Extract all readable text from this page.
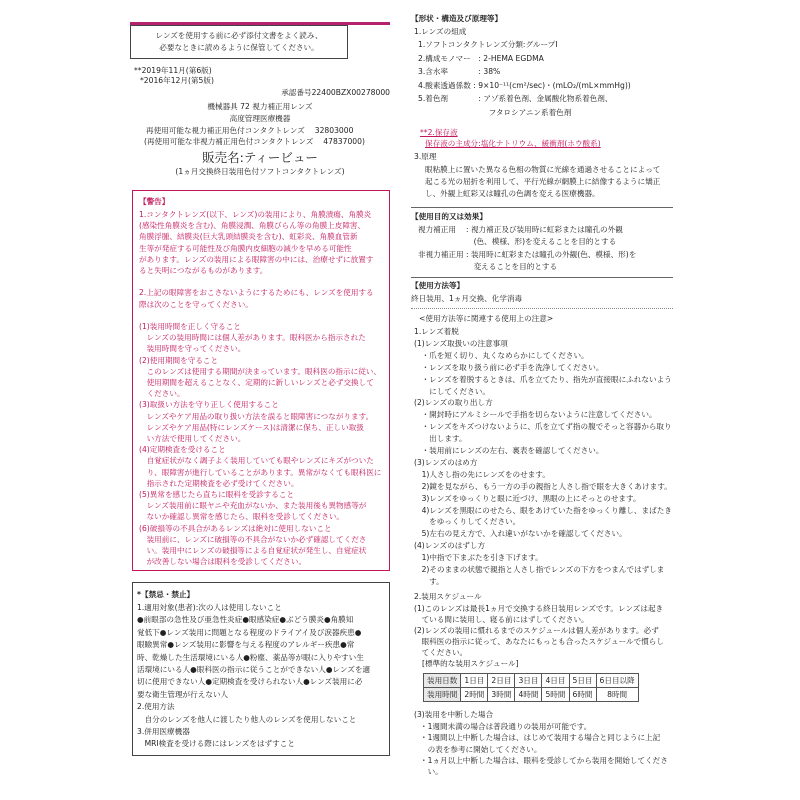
レンズを使用する前に必ず添付文書をよく読み、
必要なときに読めるように保管してください。
**2019年11月(第6版)
*2016年12月(第5版)
承認番号22400BZX00278000
機械器具 72 視力補正用レンズ
高度管理医療機器
再使用可能な視力補正用色付コンタクトレンズ　 32803000
(再使用可能な非視力補正用色付コンタクトレンズ　 47837000)
販売名:ティービュー
(1ヵ月交換終日装用色付ソフトコンタクトレンズ)
【警告】
1.コンタクトレンズ(以下、レンズ)の装用により、角膜潰瘍、角膜炎
(感染性角膜炎を含む)、角膜浸潤、角膜びらん等の角膜上皮障害、
角膜浮腫、結膜炎(巨大乳頭結膜炎を含む)、虹彩炎、角膜血管新
生等が発症する可能性及び角膜内皮細胞の減少を早める可能性
があります。レンズの装用による眼障害の中には、治療せずに放置す
ると失明につながるものがあります。
2.上記の眼障害をおこさないようにするためにも、レンズを使用する
際は次のことを守ってください。
(1)装用時間を正しく守ること
　レンズの装用時間には個人差があります。眼科医から指示された
　装用時間を守ってください。
(2)使用期間を守ること
　このレンズは使用する期間が決まっています。眼科医の指示に従い、
　使用期間を超えることなく、定期的に新しいレンズと必ず交換して
　ください。
(3)取扱い方法を守り正しく使用すること
　レンズやケア用品の取り扱い方法を誤ると眼障害につながります。
　レンズやケア用品(特にレンズケース)は清潔に保ち、正しい取扱
　い方法で使用してください。
(4)定期検査を受けること
　自覚症状がなく調子よく装用していても眼やレンズにキズがついた
　り、眼障害が進行していることがあります。異常がなくても眼科医に
　指示された定期検査を必ず受けてください。
(5)異常を感じたら直ちに眼科を受診すること
　レンズ装用前に眼ヤニや充血がないか、また装用後も異物感等が
　ないか確認し異常を感じたら、眼科を受診してください。
(6)破損等の不具合があるレンズは絶対に使用しないこと
　装用前に、レンズに破損等の不具合がないか必ず確認してくださ
　い。装用中にレンズの破損等による自覚症状が発生し、自覚症状
　が改善しない場合は眼科を受診してください。
*【禁忌・禁止】
1.適用対象(患者):次の人は使用しないこと
●前眼部の急性及び亜急性炎症●眼感染症●ぶどう膜炎●角膜知
覚低下●レンズ装用に問題となる程度のドライアイ及び涙器疾患●
眼瞼異常●レンズ装用に影響を与える程度のアレルギー疾患●常
時、乾燥した生活環境にいる人●粉塵、薬品等が眼に入りやすい生
活環境にいる人●眼科医の指示に従うことができない人●レンズを適
切に使用できない人●定期検査を受けられない人●レンズ装用に必
要な衛生管理が行えない人
2.使用方法
　自分のレンズを他人に渡したり他人のレンズを使用しないこと
3.併用医療機器
　MRI検査を受ける際にはレンズをはずすこと
【形状・構造及び原理等】
1.レンズの組成
1.ソフトコンタクトレンズ分類:グループⅠ
2.構成モノマー　: 2-HEMA EGDMA
3.含水率　　　　: 38%
4.酸素透過係数 : 9×10⁻¹¹(cm²/sec)・(mLO₂/(mL×mmHg))
5.着色剤　　　　: アゾ系着色剤、金属酸化物系着色剤、
　　　　　　　　　 フタロシアニン系着色剤
**2.保存液
保存液の主成分:塩化ナトリウム、緩衝剤(ホウ酸系)
3.原理
眼粘膜上に置いた異なる色相の物質に光線を通過させることによって
起こる光の屈折を利用して、平行光線が網膜上に結像するように矯正
し、外観上虹彩又は瞳孔の色調を変える医療機器。
【使用目的又は効果】
視力補正用　 : 視力補正及び装用時に虹彩または瞳孔の外観
　　　　　　　 (色、模様、形)を変えることを目的とする
非視力補正用 : 装用時に虹彩または瞳孔の外観(色、模様、形)を
　　　　　　　 変えることを目的とする
【使用方法等】
終日装用、1ヵ月交換、化学消毒
<使用方法等に関連する使用上の注意>
1.レンズ着脱
(1)レンズ取扱いの注意事項
　・爪を短く切り、丸くなめらかにしてください。
　・レンズを取り扱う前に必ず手を洗浄してください。
　・レンズを着脱するときは、爪を立てたり、指先が直接眼にふれないよう
　　にしてください。
(2)レンズの取り出し方
　・開封時にアルミシールで手指を切らないように注意してください。
　・レンズをキズつけないように、爪を立てず指の腹でそっと容器から取り
　　出します。
　・装用前にレンズの左右、裏表を確認してください。
(3)レンズのはめ方
　1)人さし指の先にレンズをのせます。
　2)鏡を見ながら、もう一方の手の親指と人さし指で眼を大きくあけます。
　3)レンズをゆっくりと眼に近づけ、黒眼の上にそっとのせます。
　4)レンズを黒眼にのせたら、眼をあけていた指をゆっくり離し、まばたき
　　をゆっくりしてください。
　5)左右の見え方で、入れ違いがないかを確認してください。
(4)レンズのはずし方
　1)中指で下まぶたを引き下げます。
　2)そのままの状態で親指と人さし指でレンズの下方をつまんではずしま
　　す。
2.装用スケジュール
(1)このレンズは最長1ヵ月で交換する終日装用レンズです。レンズは起き
　ている間に装用し、寝る前にはずしてください。
(2)レンズの装用に慣れるまでのスケジュールは個人差があります。必ず
　眼科医の指示に従って、あなたにもっとも合ったスケジュールで慣らし
　てください。
[標準的な装用スケジュール]
装用日数	1日目	2日目	3日目	4日目	5日目	6日目以降
装用時間	2時間	3時間	4時間	5時間	6時間	8時間
(3)装用を中断した場合
・1週間未満の場合は普段通りの装用が可能です。
・1週間以上中断した場合は、はじめて装用する場合と同じように上記
　の表を参考に開始してください。
・1ヵ月以上中断した場合は、眼科を受診してから装用を開始してくださ
　い。
